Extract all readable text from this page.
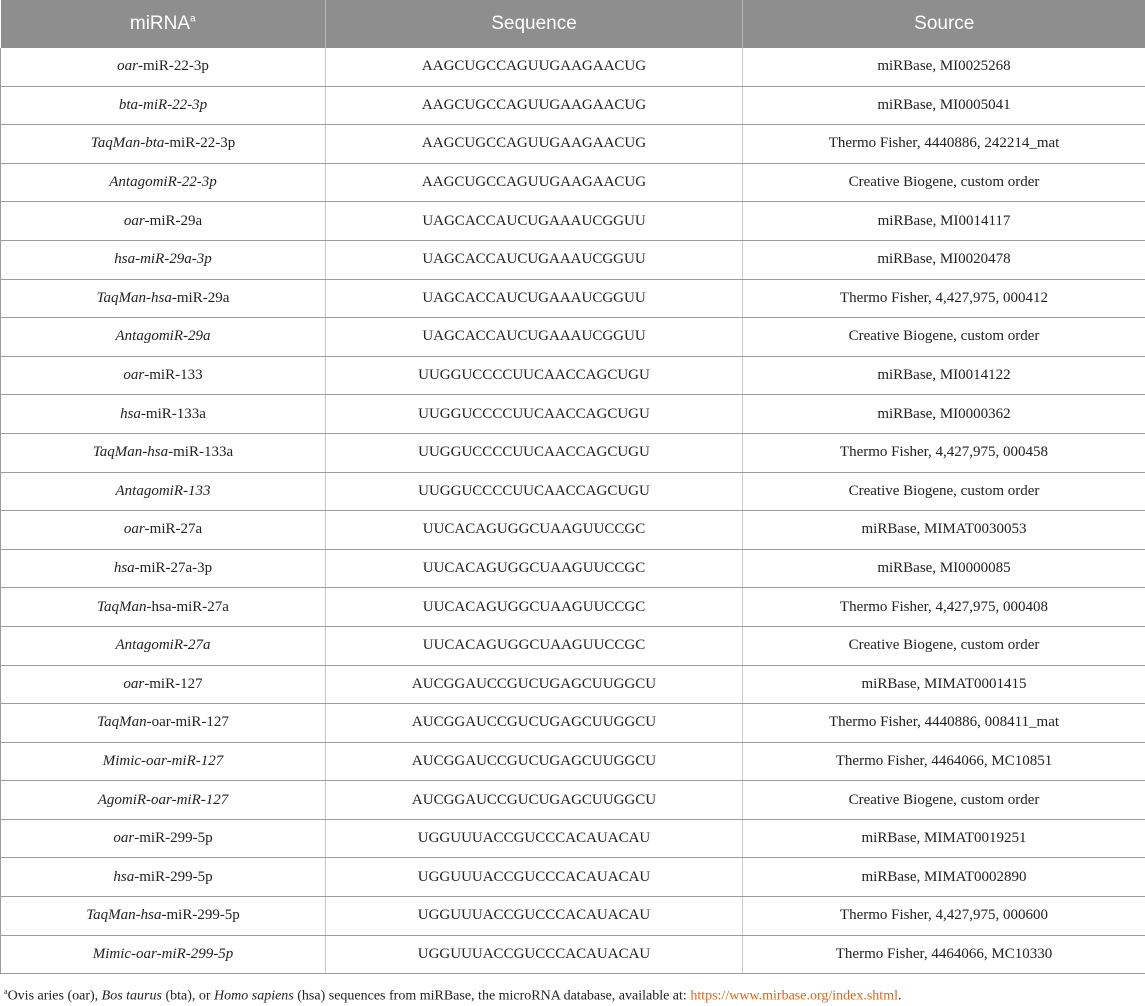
miRNA$^a$	Sequence	Source
oar-miR-22-3p	AAGCUGCCAGUUGAAGAACUG	miRBase, MI0025268
bta-miR-22-3p	AAGCUGCCAGUUGAAGAACUG	miRBase, MI0005041
TaqMan-bta-miR-22-3p	AAGCUGCCAGUUGAAGAACUG	Thermo Fisher, 4440886, 242214_mat
AntagomiR-22-3p	AAGCUGCCAGUUGAAGAACUG	Creative Biogene, custom order
oar-miR-29a	UAGCACCAUCUGAAAUCGGUU	miRBase, MI0014117
hsa-miR-29a-3p	UAGCACCAUCUGAAAUCGGUU	miRBase, MI0020478
TaqMan-hsa-miR-29a	UAGCACCAUCUGAAAUCGGUU	Thermo Fisher, 4,427,975, 000412
AntagomiR-29a	UAGCACCAUCUGAAAUCGGUU	Creative Biogene, custom order
oar-miR-133	UUGGUCCCCUUCAACCAGCUGU	miRBase, MI0014122
hsa-miR-133a	UUGGUCCCCUUCAACCAGCUGU	miRBase, MI0000362
TaqMan-hsa-miR-133a	UUGGUCCCCUUCAACCAGCUGU	Thermo Fisher, 4,427,975, 000458
AntagomiR-133	UUGGUCCCCUUCAACCAGCUGU	Creative Biogene, custom order
oar-miR-27a	UUCACAGUGGCUAAGUUCCGC	miRBase, MIMAT0030053
hsa-miR-27a-3p	UUCACAGUGGCUAAGUUCCGC	miRBase, MI0000085
TaqMan-hsa-miR-27a	UUCACAGUGGCUAAGUUCCGC	Thermo Fisher, 4,427,975, 000408
AntagomiR-27a	UUCACAGUGGCUAAGUUCCGC	Creative Biogene, custom order
oar-miR-127	AUCGGAUCCGUCUGAGCUUGGCU	miRBase, MIMAT0001415
TaqMan-oar-miR-127	AUCGGAUCCGUCUGAGCUUGGCU	Thermo Fisher, 4440886, 008411_mat
Mimic-oar-miR-127	AUCGGAUCCGUCUGAGCUUGGCU	Thermo Fisher, 4464066, MC10851
AgomiR-oar-miR-127	AUCGGAUCCGUCUGAGCUUGGCU	Creative Biogene, custom order
oar-miR-299-5p	UGGUUUACCGUCCCACAUACAU	miRBase, MIMAT0019251
hsa-miR-299-5p	UGGUUUACCGUCCCACAUACAU	miRBase, MIMAT0002890
TaqMan-hsa-miR-299-5p	UGGUUUACCGUCCCACAUACAU	Thermo Fisher, 4,427,975, 000600
Mimic-oar-miR-299-5p	UGGUUUACCGUCCCACAUACAU	Thermo Fisher, 4464066, MC10330
$^a$Ovis aries (oar), Bos taurus (bta), or Homo sapiens (hsa) sequences from miRBase, the microRNA database, available at: https://www.mirbase.org/index.shtml.
